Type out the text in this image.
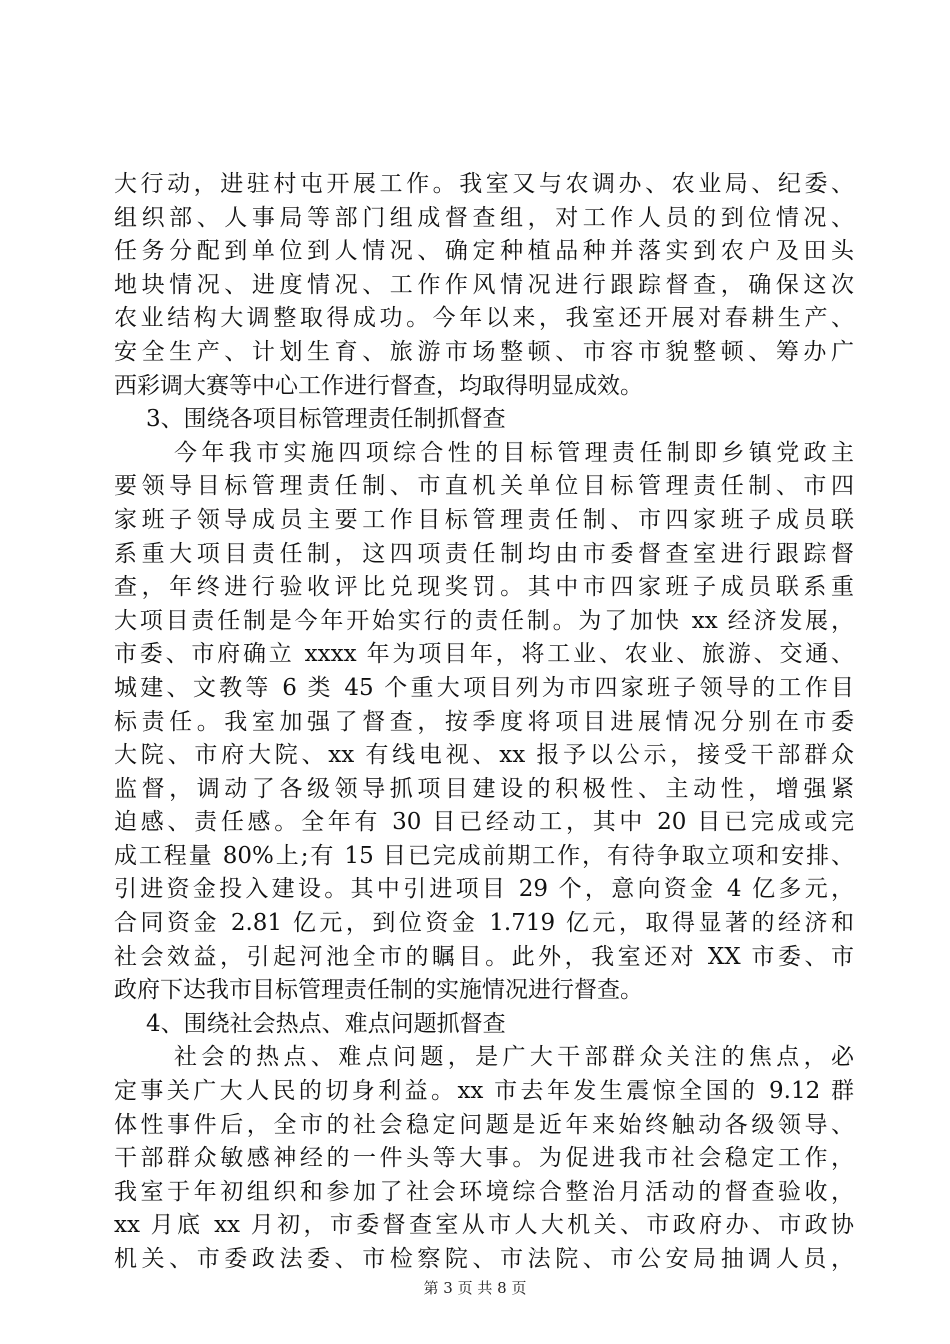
大行动，进驻村屯开展工作。我室又与农调办、农业局、纪委、
组织部、人事局等部门组成督查组，对工作人员的到位情况、
任务分配到单位到人情况、确定种植品种并落实到农户及田头
地块情况、进度情况、工作作风情况进行跟踪督查，确保这次
农业结构大调整取得成功。今年以来，我室还开展对春耕生产、
安全生产、计划生育、旅游市场整顿、市容市貌整顿、筹办广
西彩调大赛等中心工作进行督查，均取得明显成效。
3、围绕各项目标管理责任制抓督查
今年我市实施四项综合性的目标管理责任制即乡镇党政主
要领导目标管理责任制、市直机关单位目标管理责任制、市四
家班子领导成员主要工作目标管理责任制、市四家班子成员联
系重大项目责任制，这四项责任制均由市委督查室进行跟踪督
查，年终进行验收评比兑现奖罚。其中市四家班子成员联系重
大项目责任制是今年开始实行的责任制。为了加快 xx 经济发展，
市委、市府确立 xxxx 年为项目年，将工业、农业、旅游、交通、
城建、文教等 6 类 45 个重大项目列为市四家班子领导的工作目
标责任。我室加强了督查，按季度将项目进展情况分别在市委
大院、市府大院、xx 有线电视、xx 报予以公示，接受干部群众
监督，调动了各级领导抓项目建设的积极性、主动性，增强紧
迫感、责任感。全年有 30 目已经动工，其中 20 目已完成或完
成工程量 80%上;有 15 目已完成前期工作，有待争取立项和安排、
引进资金投入建设。其中引进项目 29 个，意向资金 4 亿多元，
合同资金 2.81 亿元，到位资金 1.719 亿元，取得显著的经济和
社会效益，引起河池全市的瞩目。此外，我室还对 XX 市委、市
政府下达我市目标管理责任制的实施情况进行督查。
4、围绕社会热点、难点问题抓督查
社会的热点、难点问题，是广大干部群众关注的焦点，必
定事关广大人民的切身利益。xx 市去年发生震惊全国的 9.12 群
体性事件后，全市的社会稳定问题是近年来始终触动各级领导、
干部群众敏感神经的一件头等大事。为促进我市社会稳定工作，
我室于年初组织和参加了社会环境综合整治月活动的督查验收，
xx 月底 xx 月初，市委督查室从市人大机关、市政府办、市政协
机关、市委政法委、市检察院、市法院、市公安局抽调人员，
第 3 页 共 8 页
